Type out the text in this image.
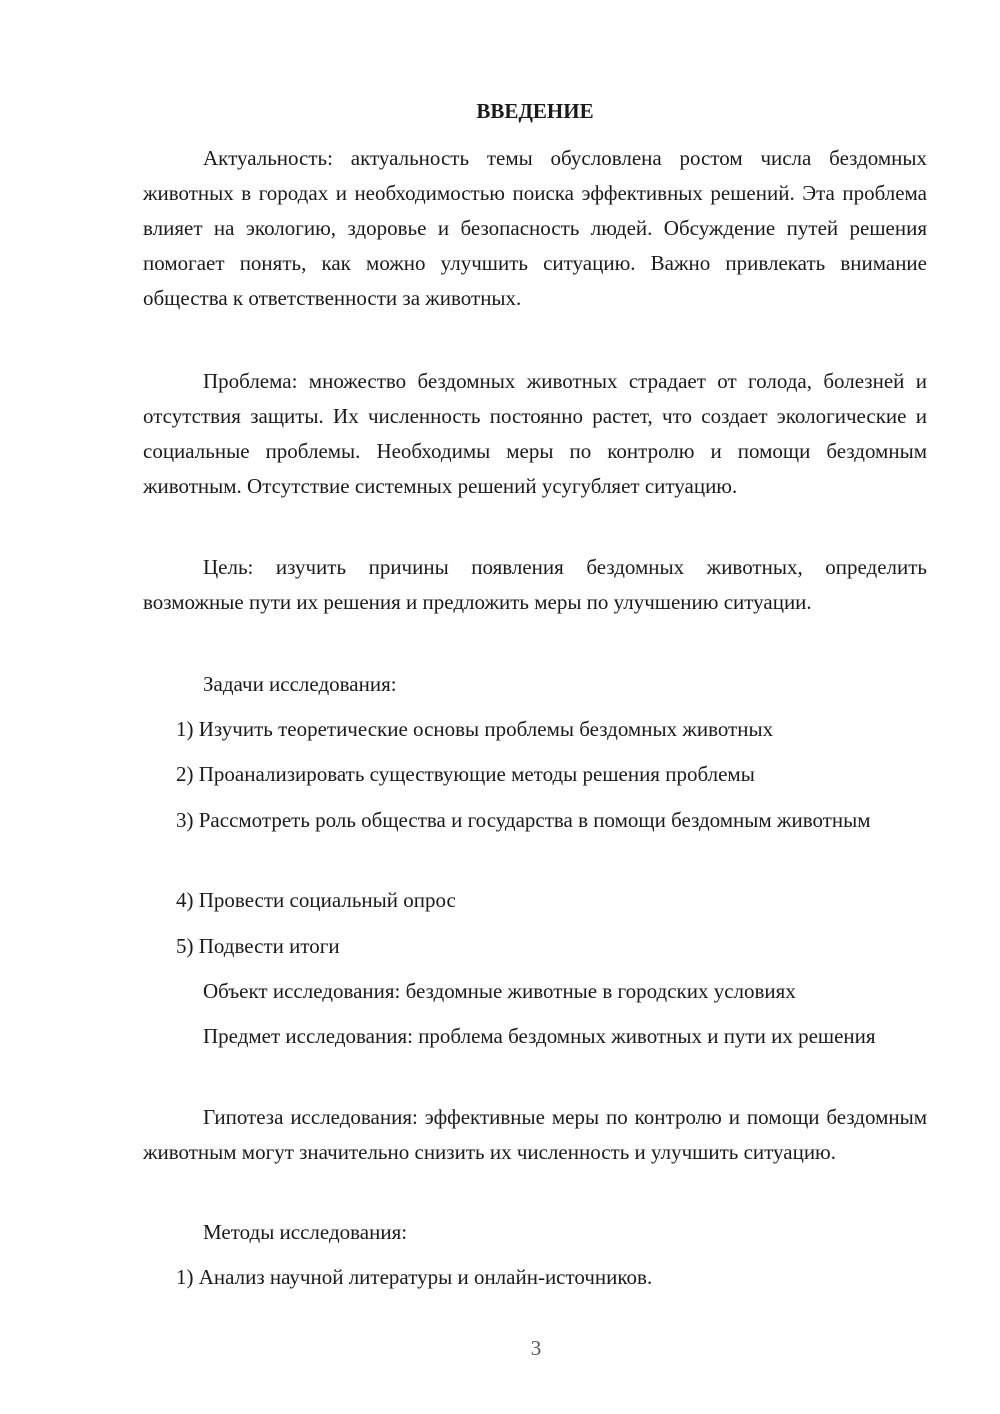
ВВЕДЕНИЕ

Актуальность: актуальность темы обусловлена ростом числа бездомных животных в городах и необходимостью поиска эффективных решений. Эта проблема влияет на экологию, здоровье и безопасность людей. Обсуждение путей решения помогает понять, как можно улучшить ситуацию. Важно привлекать внимание общества к ответственности за животных.

Проблема: множество бездомных животных страдает от голода, болезней и отсутствия защиты. Их численность постоянно растет, что создает экологические и социальные проблемы. Необходимы меры по контролю и помощи бездомным животным. Отсутствие системных решений усугубляет ситуацию.

Цель: изучить причины появления бездомных животных, определить возможные пути их решения и предложить меры по улучшению ситуации.

Задачи исследования:

1) Изучить теоретические основы проблемы бездомных животных

2) Проанализировать существующие методы решения проблемы

3) Рассмотреть роль общества и государства в помощи бездомным животным

4) Провести социальный опрос

5) Подвести итоги

Объект исследования: бездомные животные в городских условиях

Предмет исследования: проблема бездомных животных и пути их решения

Гипотеза исследования: эффективные меры по контролю и помощи бездомным животным могут значительно снизить их численность и улучшить ситуацию.

Методы исследования:

1) Анализ научной литературы и онлайн-источников.

3
